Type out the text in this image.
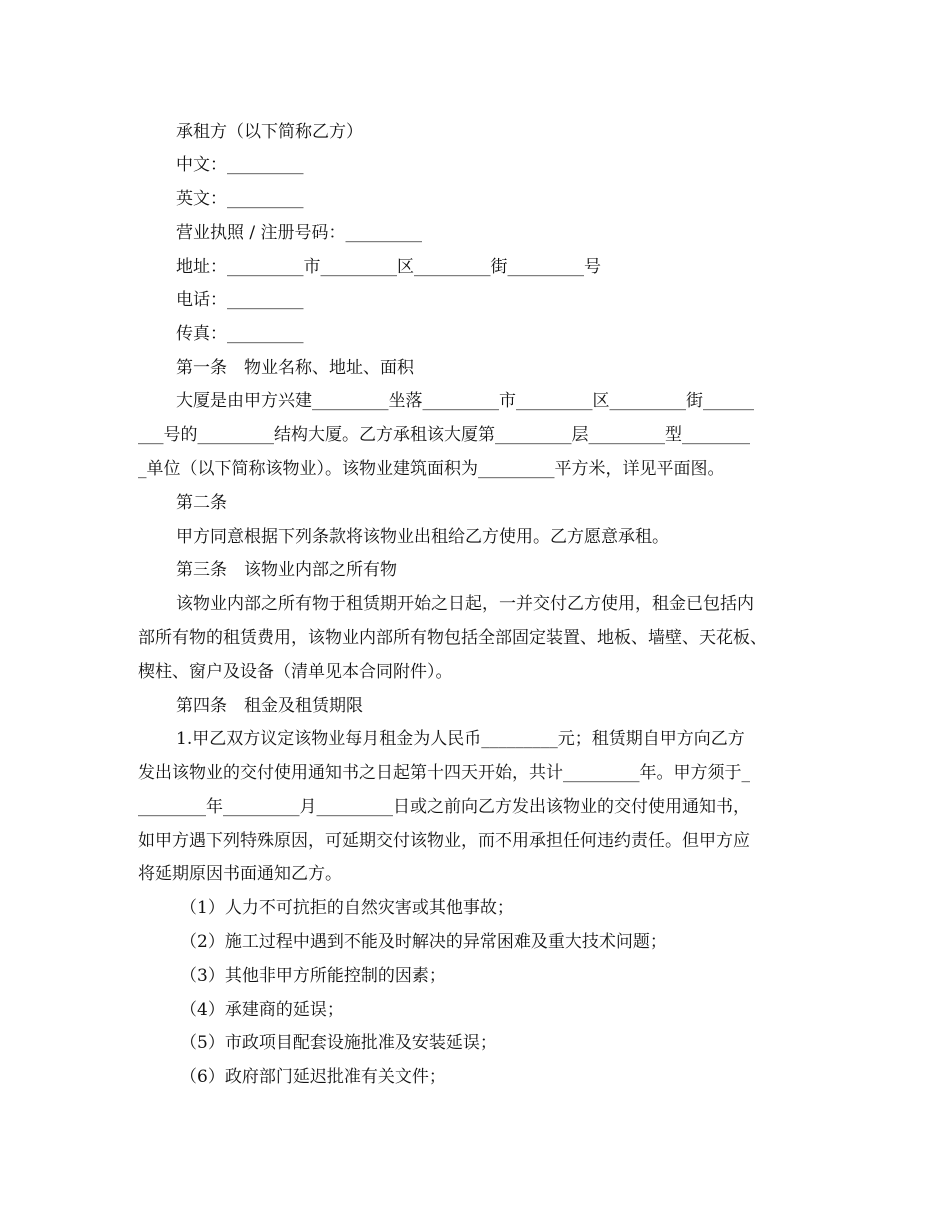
承租方（以下简称乙方）
中文：_________
英文：_________
营业执照 / 注册号码：_________
地址：_________市_________区_________街_________号
电话：_________
传真：_________
第一条　物业名称、地址、面积
大厦是由甲方兴建_________坐落_________市_________区_________街______
___号的_________结构大厦。乙方承租该大厦第_________层_________型________
_单位（以下简称该物业）。该物业建筑面积为_________平方米，详见平面图。
第二条
甲方同意根据下列条款将该物业出租给乙方使用。乙方愿意承租。
第三条　该物业内部之所有物
该物业内部之所有物于租赁期开始之日起，一并交付乙方使用，租金已包括内
部所有物的租赁费用，该物业内部所有物包括全部固定装置、地板、墙壁、天花板、
楔柱、窗户及设备（清单见本合同附件）。
第四条　租金及租赁期限
1.甲乙双方议定该物业每月租金为人民币_________元；租赁期自甲方向乙方
发出该物业的交付使用通知书之日起第十四天开始，共计_________年。甲方须于_
________年_________月_________日或之前向乙方发出该物业的交付使用通知书，
如甲方遇下列特殊原因，可延期交付该物业，而不用承担任何违约责任。但甲方应
将延期原因书面通知乙方。
（1）人力不可抗拒的自然灾害或其他事故；
（2）施工过程中遇到不能及时解决的异常困难及重大技术问题；
（3）其他非甲方所能控制的因素；
（4）承建商的延误；
（5）市政项目配套设施批准及安装延误；
（6）政府部门延迟批准有关文件；
